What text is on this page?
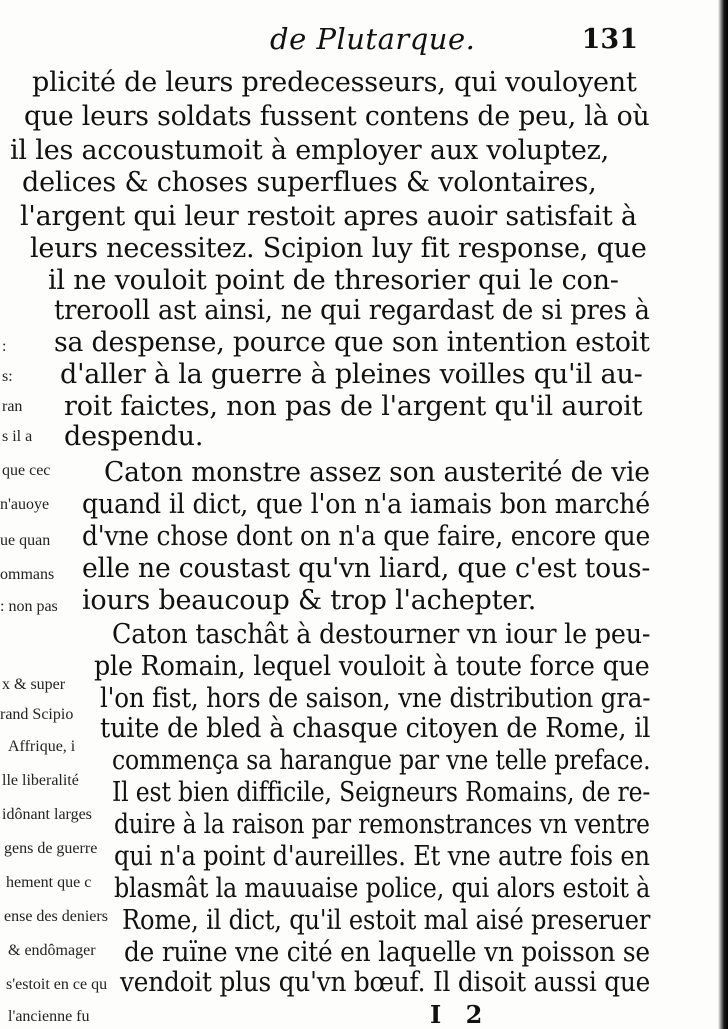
de Plutarque.	131
:
s:
ran
s il a
que cec
n'auoye
ue quan
ommans
: non pas
x & super
rand Scipio
Affrique, i
lle liberalité
idônant larges
gens de guerre
hement que c
ense des deniers
& endômager
s'estoit en ce qu
l'ancienne fu
plicité de leurs predecesseurs, qui vouloyent
que leurs soldats fussent contens de peu, là où
il les accoustumoit à employer aux voluptez,
delices & choses superflues & volontaires,
l'argent qui leur restoit apres auoir satisfait à
leurs necessitez. Scipion luy fit response, que
il ne vouloit point de thresorier qui le con-
trerooll ast ainsi, ne qui regardast de si pres à
sa despense, pource que son intention estoit
d'aller à la guerre à pleines voilles qu'il au-
roit faictes, non pas de l'argent qu'il auroit
despendu.
Caton monstre assez son austerité de vie
quand il dict, que l'on n'a iamais bon marché
d'vne chose dont on n'a que faire, encore que
elle ne coustast qu'vn liard, que c'est tous-
iours beaucoup & trop l'achepter.
Caton taschât à destourner vn iour le peu-
ple Romain, lequel vouloit à toute force que
l'on fist, hors de saison, vne distribution gra-
tuite de bled à chasque citoyen de Rome, il
commença sa harangue par vne telle preface.
Il est bien difficile, Seigneurs Romains, de re-
duire à la raison par remonstrances vn ventre
qui n'a point d'aureilles. Et vne autre fois en
blasmât la mauuaise police, qui alors estoit à
Rome, il dict, qu'il estoit mal aisé preseruer
de ruïne vne cité en laquelle vn poisson se
vendoit plus qu'vn bœuf. Il disoit aussi que
I 2
